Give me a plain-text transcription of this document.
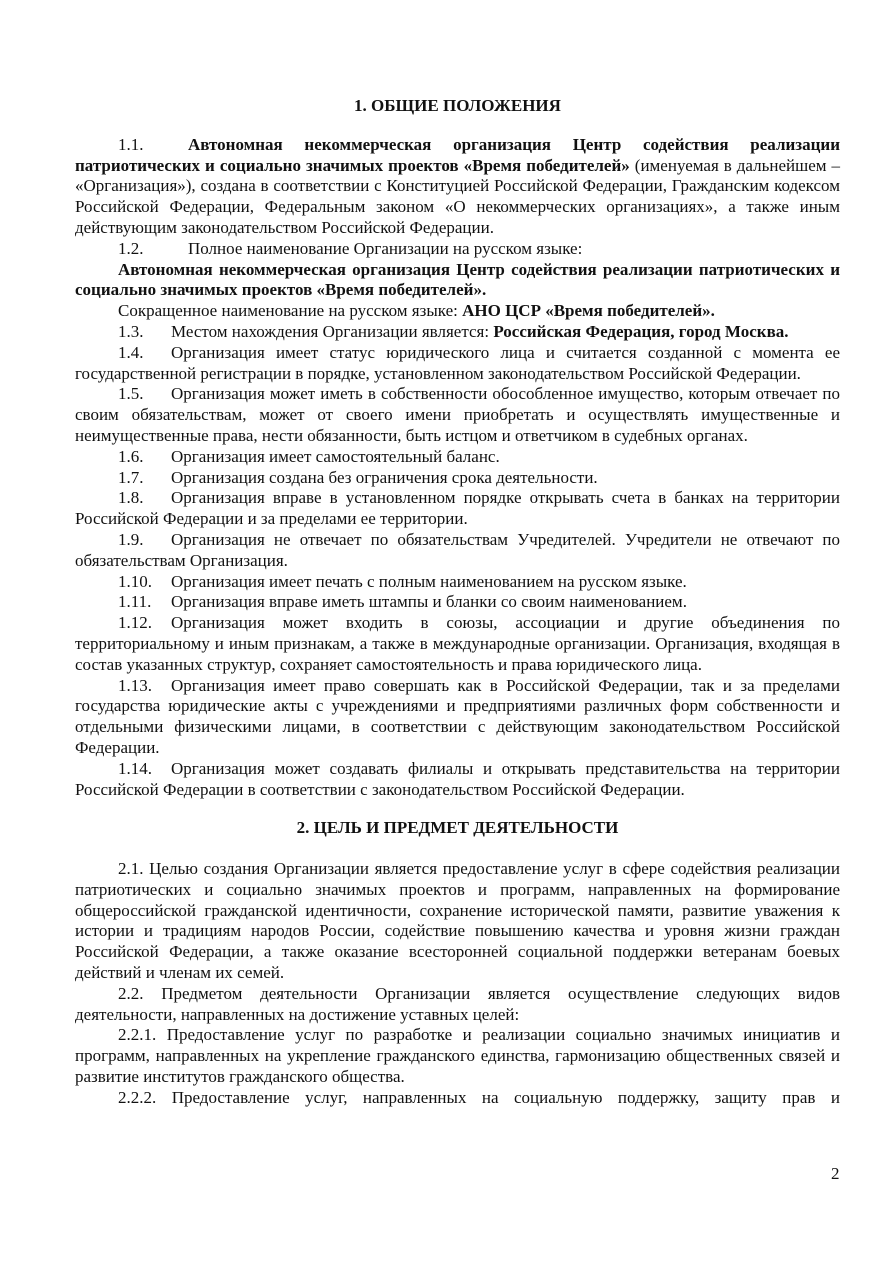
1. ОБЩИЕ ПОЛОЖЕНИЯ

1.1.	Автономная некоммерческая организация Центр содействия реализации патриотических и социально значимых проектов «Время победителей» (именуемая в дальнейшем – «Организация»), создана в соответствии с Конституцией Российской Федерации, Гражданским кодексом Российской Федерации, Федеральным законом «О некоммерческих организациях», а также иным действующим законодательством Российской Федерации.

1.2.	Полное наименование Организации на русском языке:

Автономная некоммерческая организация Центр содействия реализации патриотических и социально значимых проектов «Время победителей».

Сокращенное наименование на русском языке: АНО ЦСР «Время победителей».

1.3. Местом нахождения Организации является: Российская Федерация, город Москва.

1.4. Организация имеет статус юридического лица и считается созданной с момента ее государственной регистрации в порядке, установленном законодательством Российской Федерации.

1.5. Организация может иметь в собственности обособленное имущество, которым отвечает по своим обязательствам, может от своего имени приобретать и осуществлять имущественные и неимущественные права, нести обязанности, быть истцом и ответчиком в судебных органах.

1.6. Организация имеет самостоятельный баланс.

1.7. Организация создана без ограничения срока деятельности.

1.8. Организация вправе в установленном порядке открывать счета в банках на территории Российской Федерации и за пределами ее территории.

1.9. Организация не отвечает по обязательствам Учредителей. Учредители не отвечают по обязательствам Организация.

1.10. Организация имеет печать с полным наименованием на русском языке.

1.11. Организация вправе иметь штампы и бланки со своим наименованием.

1.12. Организация может входить в союзы, ассоциации и другие объединения по территориальному и иным признакам, а также в международные организации. Организация, входящая в состав указанных структур, сохраняет самостоятельность и права юридического лица.

1.13. Организация имеет право совершать как в Российской Федерации, так и за пределами государства юридические акты с учреждениями и предприятиями различных форм собственности и отдельными физическими лицами, в соответствии с действующим законодательством Российской Федерации.

1.14. Организация может создавать филиалы и открывать представительства на территории Российской Федерации в соответствии с законодательством Российской Федерации.

2. ЦЕЛЬ И ПРЕДМЕТ ДЕЯТЕЛЬНОСТИ

2.1. Целью создания Организации является предоставление услуг в сфере содействия реализации патриотических и социально значимых проектов и программ, направленных на формирование общероссийской гражданской идентичности, сохранение исторической памяти, развитие уважения к истории и традициям народов России, содействие повышению качества и уровня жизни граждан Российской Федерации, а также оказание всесторонней социальной поддержки ветеранам боевых действий и членам их семей.

2.2. Предметом деятельности Организации является осуществление следующих видов деятельности, направленных на достижение уставных целей:

2.2.1. Предоставление услуг по разработке и реализации социально значимых инициатив и программ, направленных на укрепление гражданского единства, гармонизацию общественных связей и развитие институтов гражданского общества.

2.2.2. Предоставление услуг, направленных на социальную поддержку, защиту прав и

2
